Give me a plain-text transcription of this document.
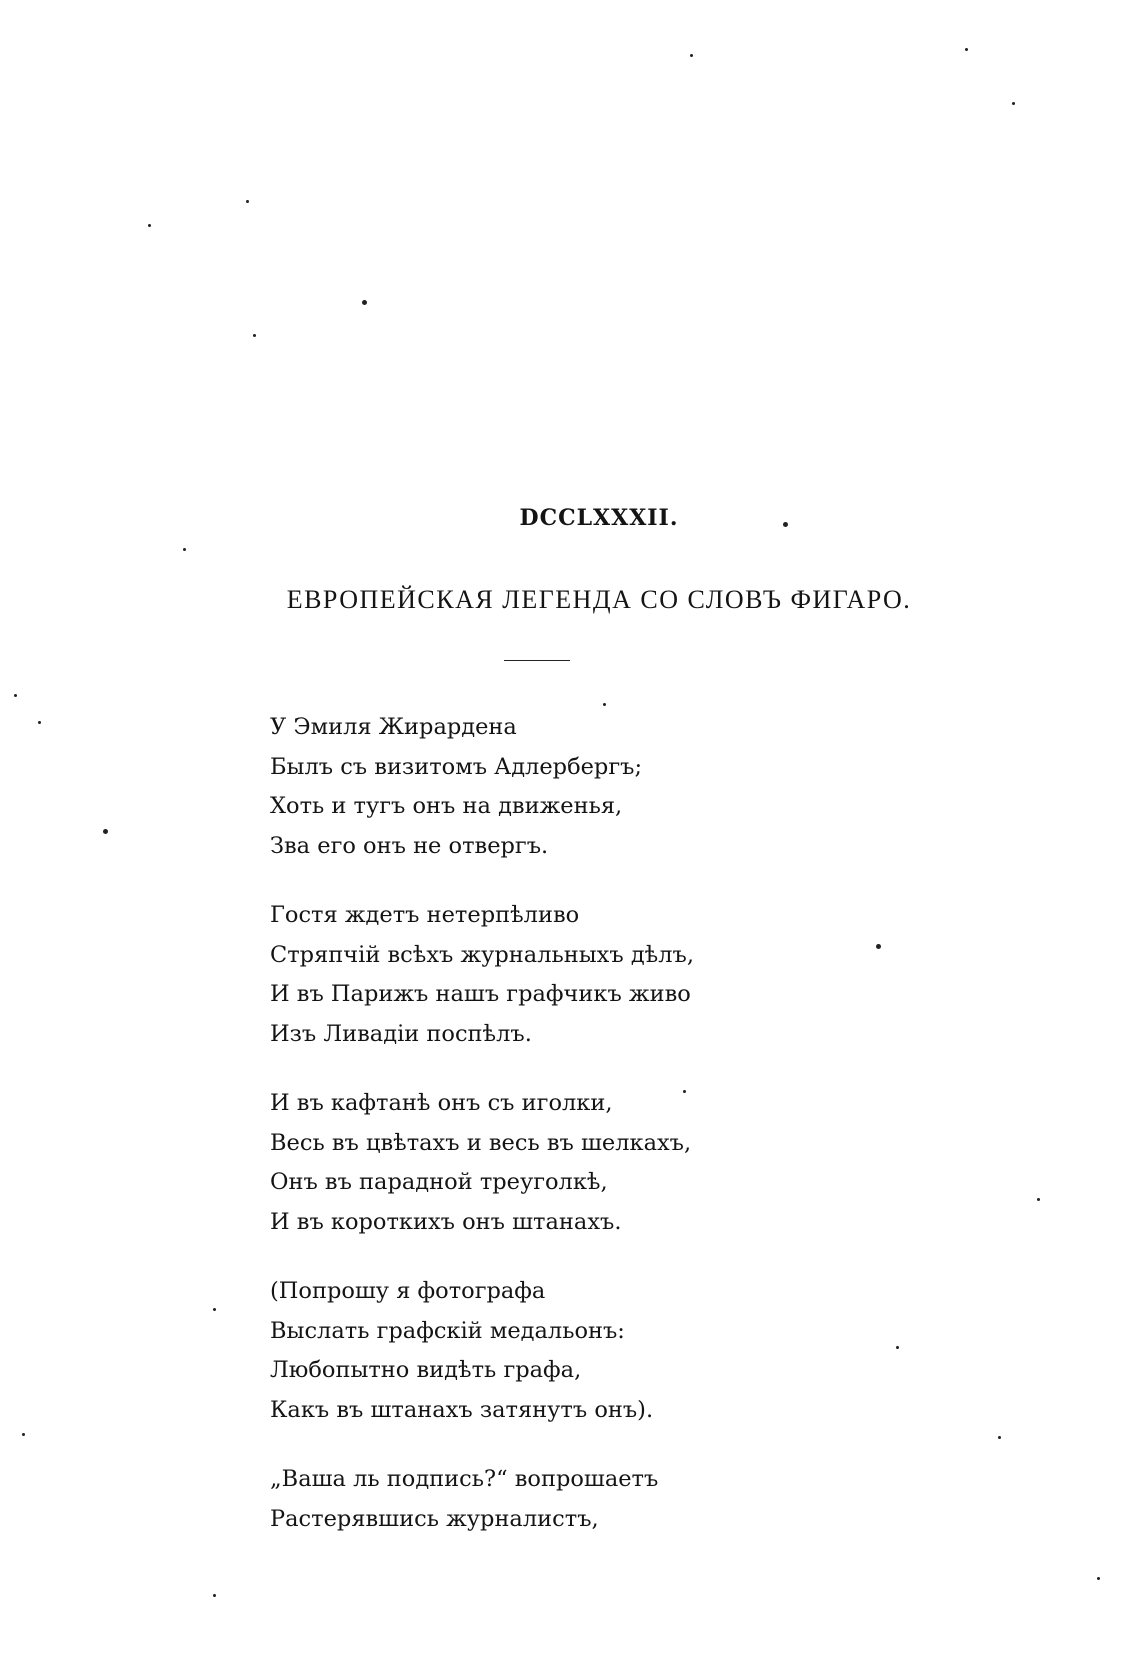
DCCLXXXII.
ЕВРОПЕЙСКАЯ ЛЕГЕНДА СО СЛОВЪ ФИГАРО.
У Эмиля Жирардена
Былъ съ визитомъ Адлербергъ;
Хоть и тугъ онъ на движенья,
Зва его онъ не отвергъ.
Гостя ждетъ нетерпѣливо
Стряпчій всѣхъ журнальныхъ дѣлъ,
И въ Парижъ нашъ графчикъ живо
Изъ Ливадіи поспѣлъ.
И въ кафтанѣ онъ съ иголки,
Весь въ цвѣтахъ и весь въ шелкахъ,
Онъ въ парадной треуголкѣ,
И въ короткихъ онъ штанахъ.
(Попрошу я фотографа
Выслать графскій медальонъ:
Любопытно видѣть графа,
Какъ въ штанахъ затянутъ онъ).
„Ваша ль подпись?“ вопрошаетъ
Растерявшись журналистъ,
